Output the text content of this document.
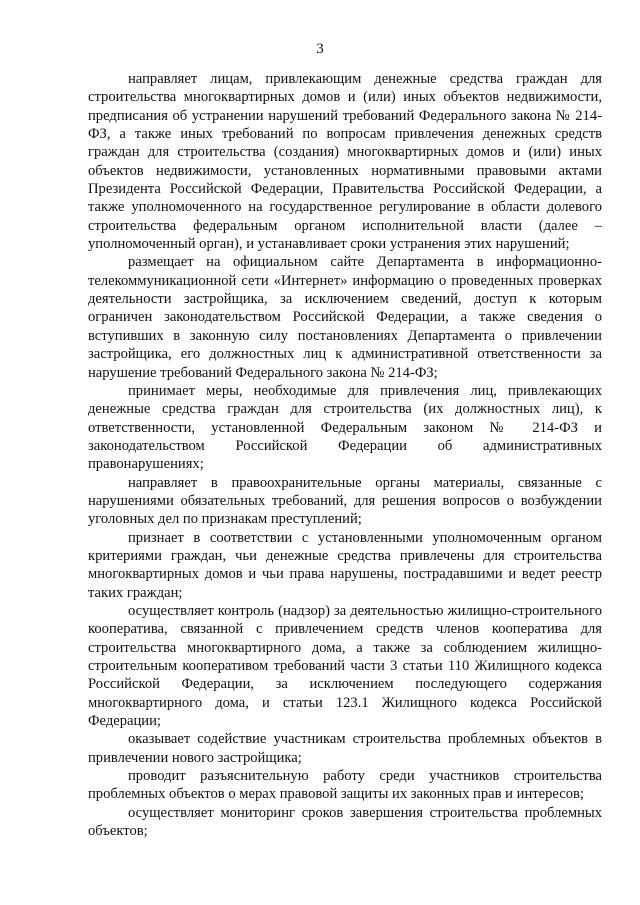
3

направляет лицам, привлекающим денежные средства граждан для строительства многоквартирных домов и (или) иных объектов недвижимости, предписания об устранении нарушений требований Федерального закона № 214-ФЗ, а также иных требований по вопросам привлечения денежных средств граждан для строительства (создания) многоквартирных домов и (или) иных объектов недвижимости, установленных нормативными правовыми актами Президента Российской Федерации, Правительства Российской Федерации, а также уполномоченного на государственное регулирование в области долевого строительства федеральным органом исполнительной власти (далее – уполномоченный орган), и устанавливает сроки устранения этих нарушений;

размещает на официальном сайте Департамента в информационно-телекоммуникационной сети «Интернет» информацию о проведенных проверках деятельности застройщика, за исключением сведений, доступ к которым ограничен законодательством Российской Федерации, а также сведения о вступивших в законную силу постановлениях Департамента о привлечении застройщика, его должностных лиц к административной ответственности за нарушение требований Федерального закона № 214-ФЗ;

принимает меры, необходимые для привлечения лиц, привлекающих денежные средства граждан для строительства (их должностных лиц), к ответственности, установленной Федеральным законом № 214-ФЗ и законодательством Российской Федерации об административных правонарушениях;

направляет в правоохранительные органы материалы, связанные с нарушениями обязательных требований, для решения вопросов о возбуждении уголовных дел по признакам преступлений;

признает в соответствии с установленными уполномоченным органом критериями граждан, чьи денежные средства привлечены для строительства многоквартирных домов и чьи права нарушены, пострадавшими и ведет реестр таких граждан;

осуществляет контроль (надзор) за деятельностью жилищно-строительного кооператива, связанной с привлечением средств членов кооператива для строительства многоквартирного дома, а также за соблюдением жилищно-строительным кооперативом требований части 3 статьи 110 Жилищного кодекса Российской Федерации, за исключением последующего содержания многоквартирного дома, и статьи 123.1 Жилищного кодекса Российской Федерации;

оказывает содействие участникам строительства проблемных объектов в привлечении нового застройщика;

проводит разъяснительную работу среди участников строительства проблемных объектов о мерах правовой защиты их законных прав и интересов;

осуществляет мониторинг сроков завершения строительства проблемных объектов;
